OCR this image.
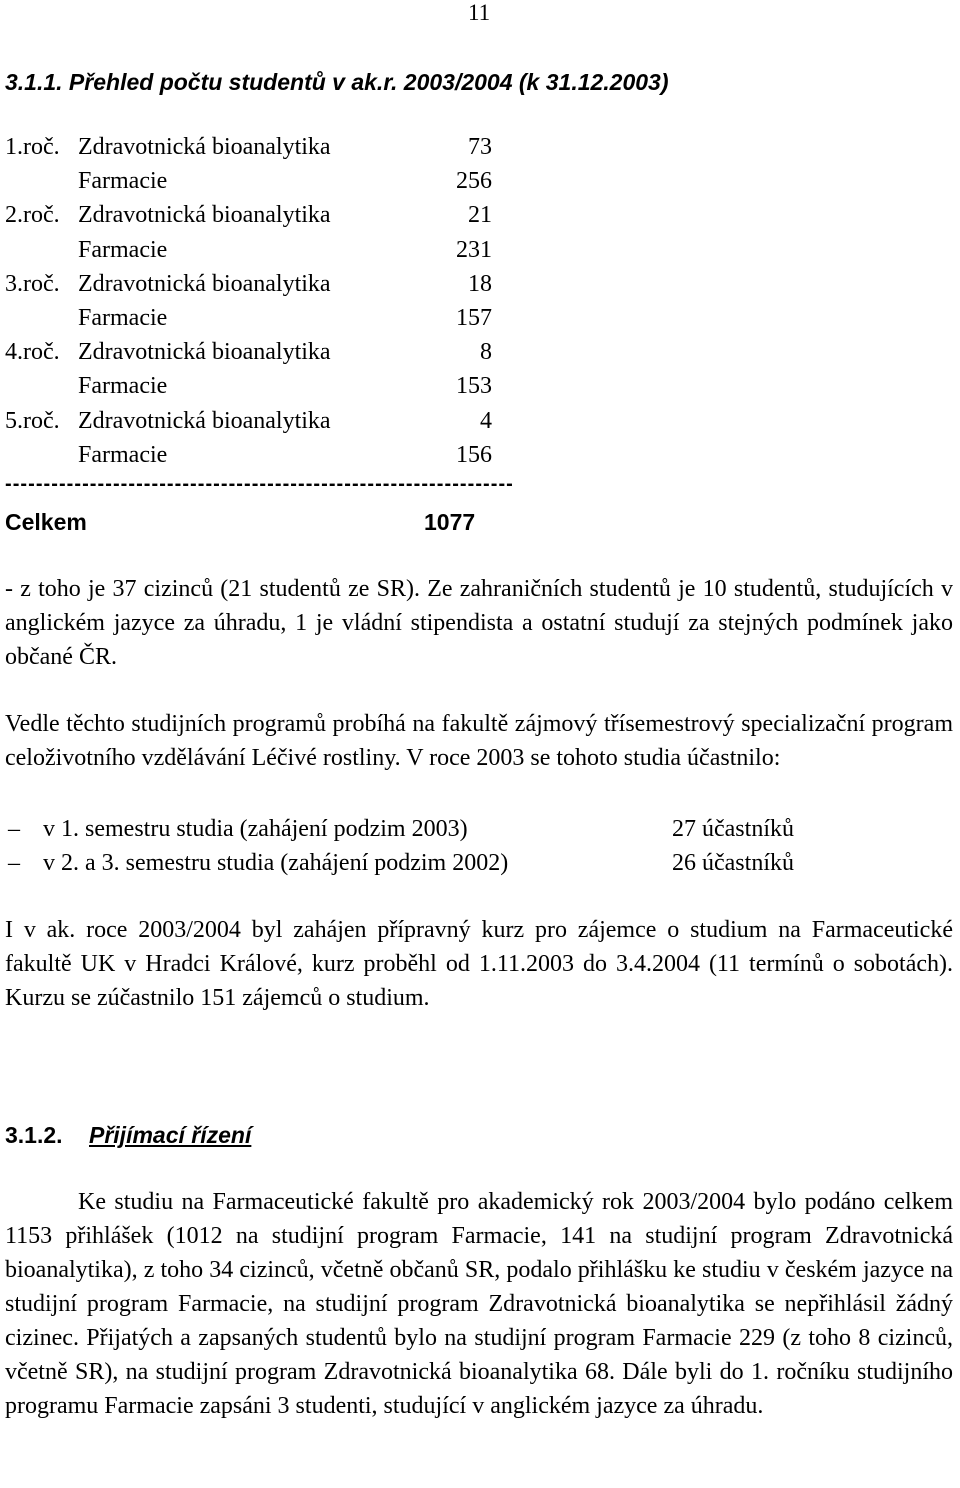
11
3.1.1. Přehled počtu studentů v ak.r. 2003/2004 (k 31.12.2003)
1.roč. Zdravotnická bioanalytika	73
Farmacie	256
2.roč. Zdravotnická bioanalytika	21
Farmacie	231
3.roč. Zdravotnická bioanalytika	18
Farmacie	157
4.roč. Zdravotnická bioanalytika	8
Farmacie	153
5.roč. Zdravotnická bioanalytika	4
Farmacie	156
------------------------------------------------------------------
Celkem	1077

- z toho je 37 cizinců (21 studentů ze SR). Ze zahraničních studentů je 10 studentů, studujících v anglickém jazyce za úhradu, 1 je vládní stipendista a ostatní studují za stejných podmínek jako občané ČR.

Vedle těchto studijních programů probíhá na fakultě zájmový třísemestrový specializační program celoživotního vzdělávání Léčivé rostliny. V roce 2003 se tohoto studia účastnilo:

– v 1. semestru studia (zahájení podzim 2003)	27 účastníků
– v 2. a 3. semestru studia (zahájení podzim 2002)	26 účastníků

I v ak. roce 2003/2004 byl zahájen přípravný kurz pro zájemce o studium na Farmaceutické fakultě UK v Hradci Králové, kurz proběhl od 1.11.2003 do 3.4.2004 (11 termínů o sobotách). Kurzu se zúčastnilo 151 zájemců o studium.

3.1.2. Přijímací řízení

Ke studiu na Farmaceutické fakultě pro akademický rok 2003/2004 bylo podáno celkem 1153 přihlášek (1012 na studijní program Farmacie, 141 na studijní program Zdravotnická bioanalytika), z toho 34 cizinců, včetně občanů SR, podalo přihlášku ke studiu v českém jazyce na studijní program Farmacie, na studijní program Zdravotnická bioanalytika se nepřihlásil žádný cizinec. Přijatých a zapsaných studentů bylo na studijní program Farmacie 229 (z toho 8 cizinců, včetně SR), na studijní program Zdravotnická bioanalytika 68. Dále byli do 1. ročníku studijního programu Farmacie zapsáni 3 studenti, studující v anglickém jazyce za úhradu.
